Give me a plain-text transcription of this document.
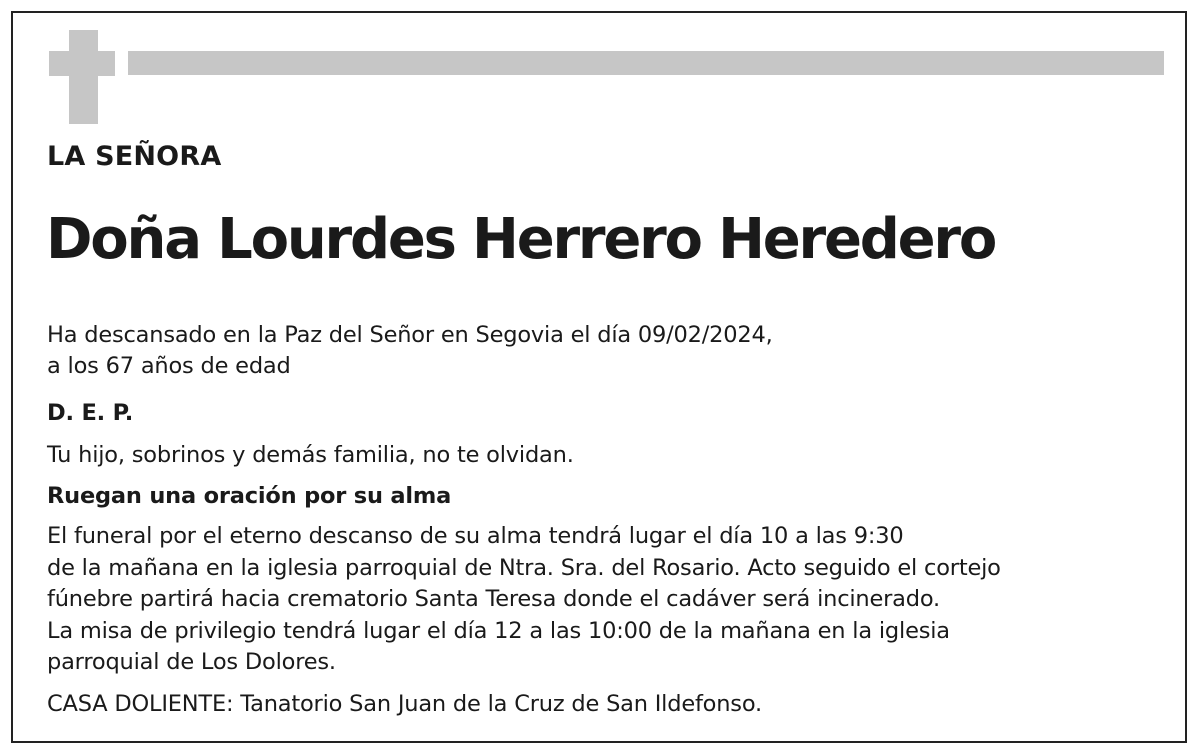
LA SEÑORA
Doña Lourdes Herrero Heredero

Ha descansado en la Paz del Señor en Segovia el día 09/02/2024,

a los 67 años de edad

D. E. P.
Tu hijo, sobrinos y demás familia, no te olvidan.
Ruegan una oración por su alma

El funeral por el eterno descanso de su alma tendrá lugar el día 10 a las 9:30

de la mañana en la iglesia parroquial de Ntra. Sra. del Rosario. Acto seguido el cortejo

fúnebre partirá hacia crematorio Santa Teresa donde el cadáver será incinerado.

La misa de privilegio tendrá lugar el día 12 a las 10:00 de la mañana en la iglesia

parroquial de Los Dolores.

CASA DOLIENTE: Tanatorio San Juan de la Cruz de San Ildefonso.
